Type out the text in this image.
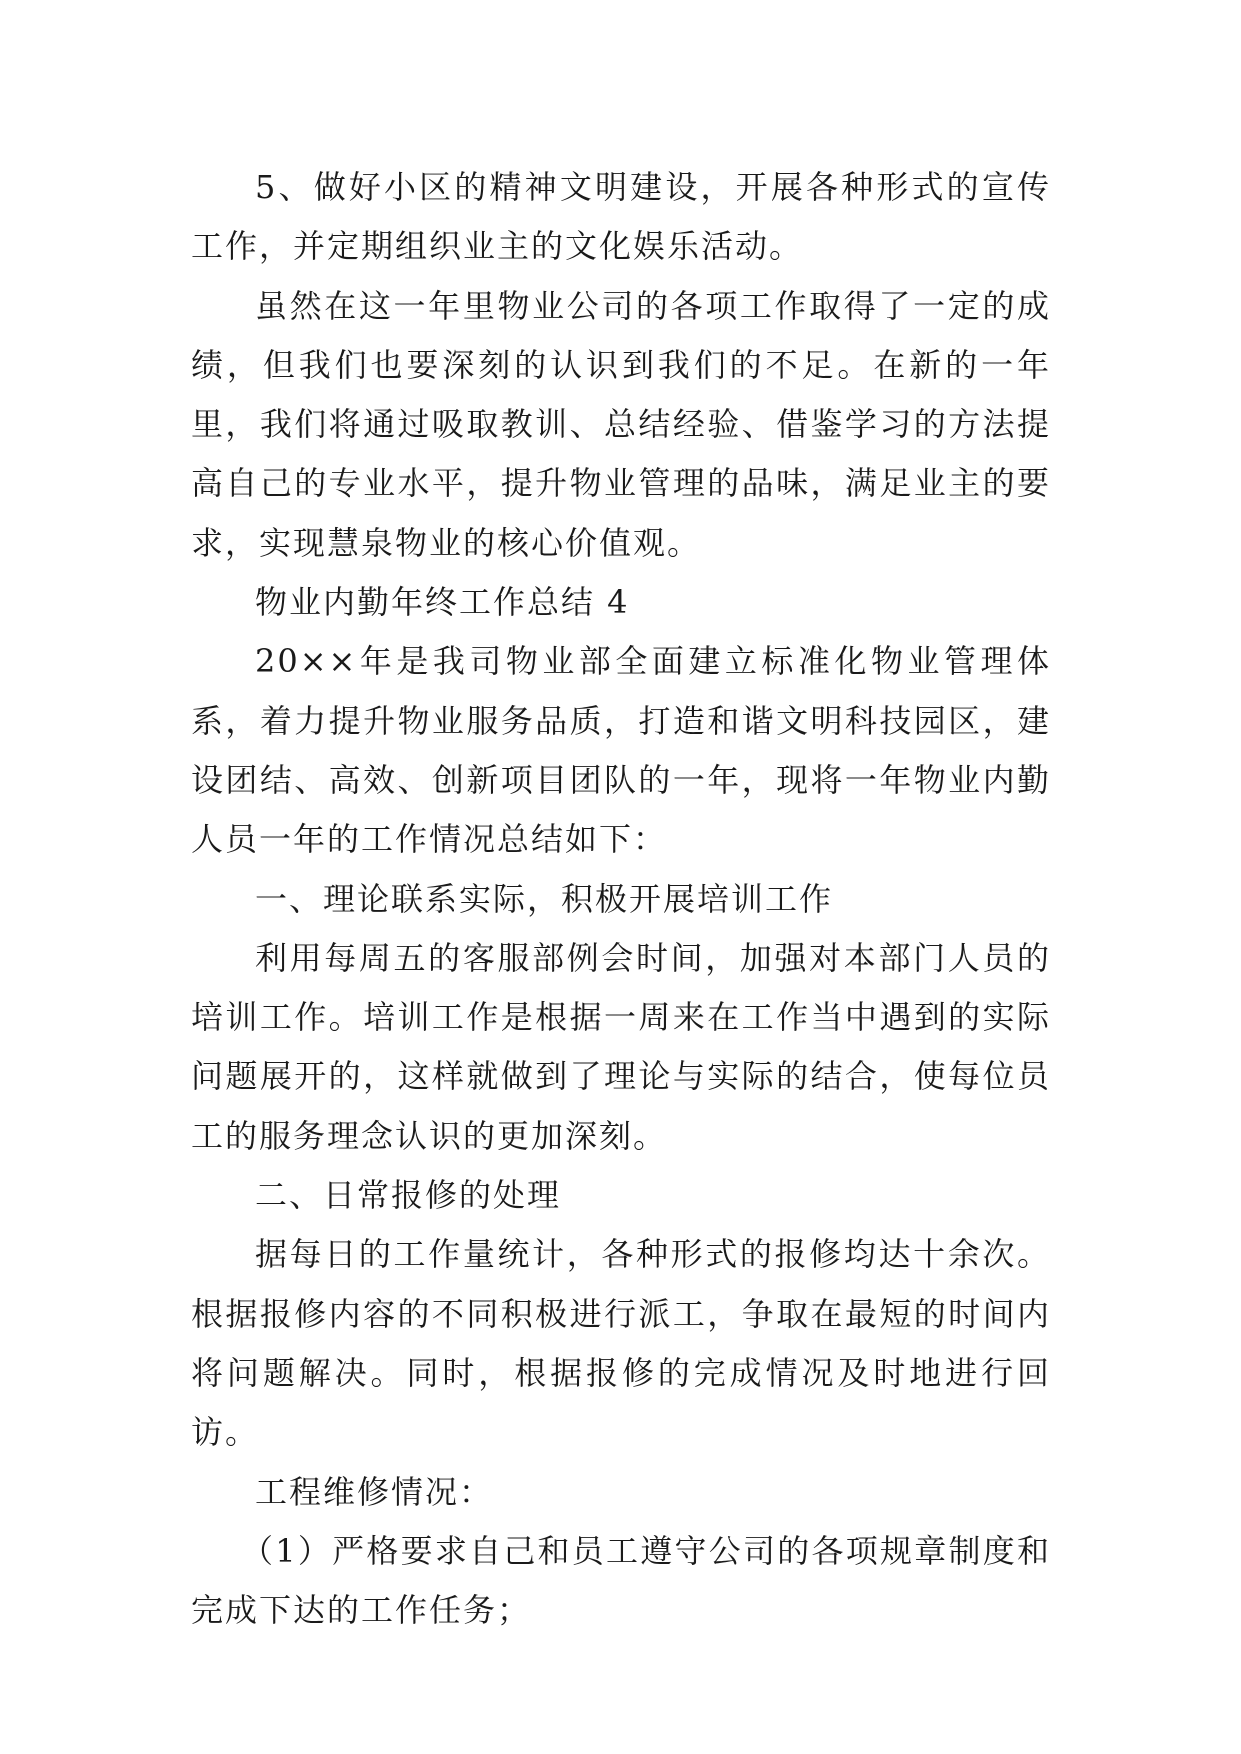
5、做好小区的精神文明建设，开展各种形式的宣传工作，并定期组织业主的文化娱乐活动。

虽然在这一年里物业公司的各项工作取得了一定的成绩，但我们也要深刻的认识到我们的不足。在新的一年里，我们将通过吸取教训、总结经验、借鉴学习的方法提高自己的专业水平，提升物业管理的品味，满足业主的要求，实现慧泉物业的核心价值观。

物业内勤年终工作总结 4

20××年是我司物业部全面建立标准化物业管理体系，着力提升物业服务品质，打造和谐文明科技园区，建设团结、高效、创新项目团队的一年，现将一年物业内勤人员一年的工作情况总结如下：

一、理论联系实际，积极开展培训工作

利用每周五的客服部例会时间，加强对本部门人员的培训工作。培训工作是根据一周来在工作当中遇到的实际问题展开的，这样就做到了理论与实际的结合，使每位员工的服务理念认识的更加深刻。

二、日常报修的处理

据每日的工作量统计，各种形式的报修均达十余次。根据报修内容的不同积极进行派工，争取在最短的时间内将问题解决。同时，根据报修的完成情况及时地进行回访。

工程维修情况：

（1）严格要求自己和员工遵守公司的各项规章制度和完成下达的工作任务；
